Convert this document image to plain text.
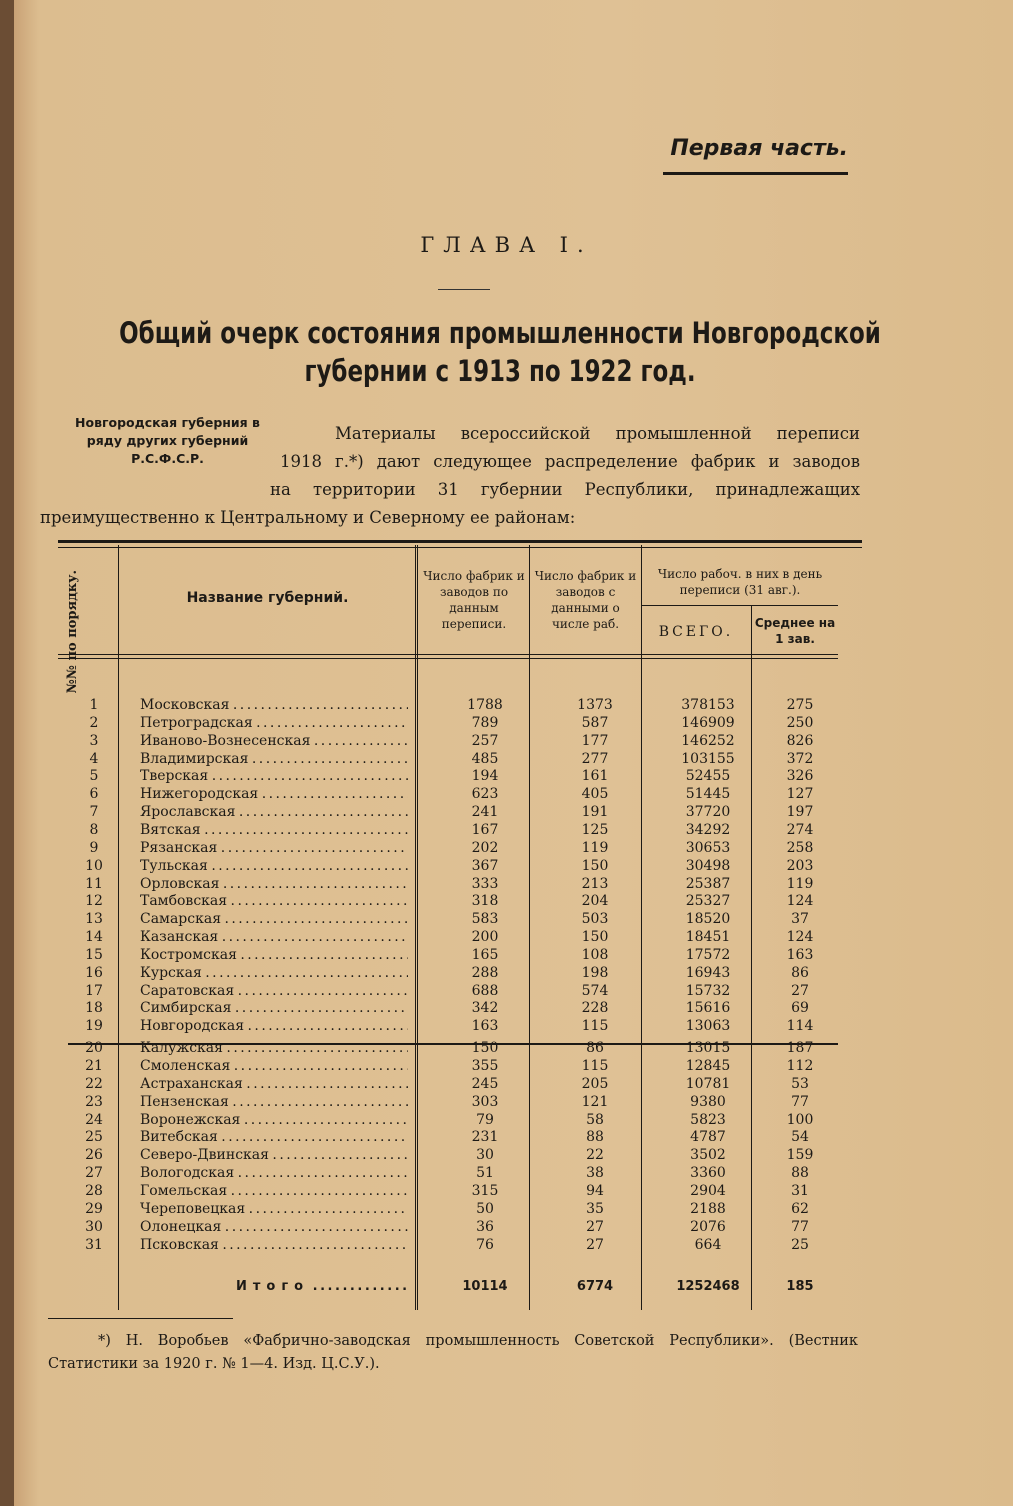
Первая часть.
ГЛАВА I.
Общий очерк состояния промышленности Новгородской
губернии с 1913 по 1922 год.
Новгородская губерния в
ряду других губерний
Р.С.Ф.С.Р.
Материалы всероссийской промышленной переписи
1918 г.*) дают следующее распределение фабрик и заводов
на территории 31 губернии Республики, принадлежащих
преимущественно к Центральному и Северному ее районам:
№№ по порядку.	Название губерний.
Число фабрик и заводов по данным переписи.
Число фабрик и заводов с данными о числе раб.
Число рабоч. в них в день переписи (31 авг.).
ВСЕГО.
Среднее на 1 зав.
1	Московская . . .	1788	1373	378153	275
2	Петроградская . . .	789	587	146909	250
3	Иваново-Вознесенская . . .	257	177	146252	826
4	Владимирская . . .	485	277	103155	372
5	Тверская . . .	194	161	52455	326
6	Нижегородская . . .	623	405	51445	127
7	Ярославская . . .	241	191	37720	197
8	Вятская . . .	167	125	34292	274
9	Рязанская . . .	202	119	30653	258
10	Тульская . . .	367	150	30498	203
11	Орловская . . .	333	213	25387	119
12	Тамбовская . . .	318	204	25327	124
13	Самарская . . .	583	503	18520	37
14	Казанская . . .	200	150	18451	124
15	Костромская . . .	165	108	17572	163
16	Курская . . .	288	198	16943	86
17	Саратовская . . .	688	574	15732	27
18	Симбирская . . .	342	228	15616	69
19	Новгородская . . .	163	115	13063	114
20	Калужская . . .	150	86	13015	187
21	Смоленская . . .	355	115	12845	112
22	Астраханская . . .	245	205	10781	53
23	Пензенская . . .	303	121	9380	77
24	Воронежская . . .	79	58	5823	100
25	Витебская . . .	231	88	4787	54
26	Северо-Двинская . . .	30	22	3502	159
27	Вологодская . . .	51	38	3360	88
28	Гомельская . . .	315	94	2904	31
29	Череповецкая . . .	50	35	2188	62
30	Олонецкая . . .	36	27	2076	77
31	Псковская . . .	76	27	664	25
Итого . . .	10114	6774	1252468	185
*) Н. Воробьев «Фабрично-заводская промышленность Советской Республики». (Вестник Статистики за 1920 г. № 1—4. Изд. Ц.С.У.).
